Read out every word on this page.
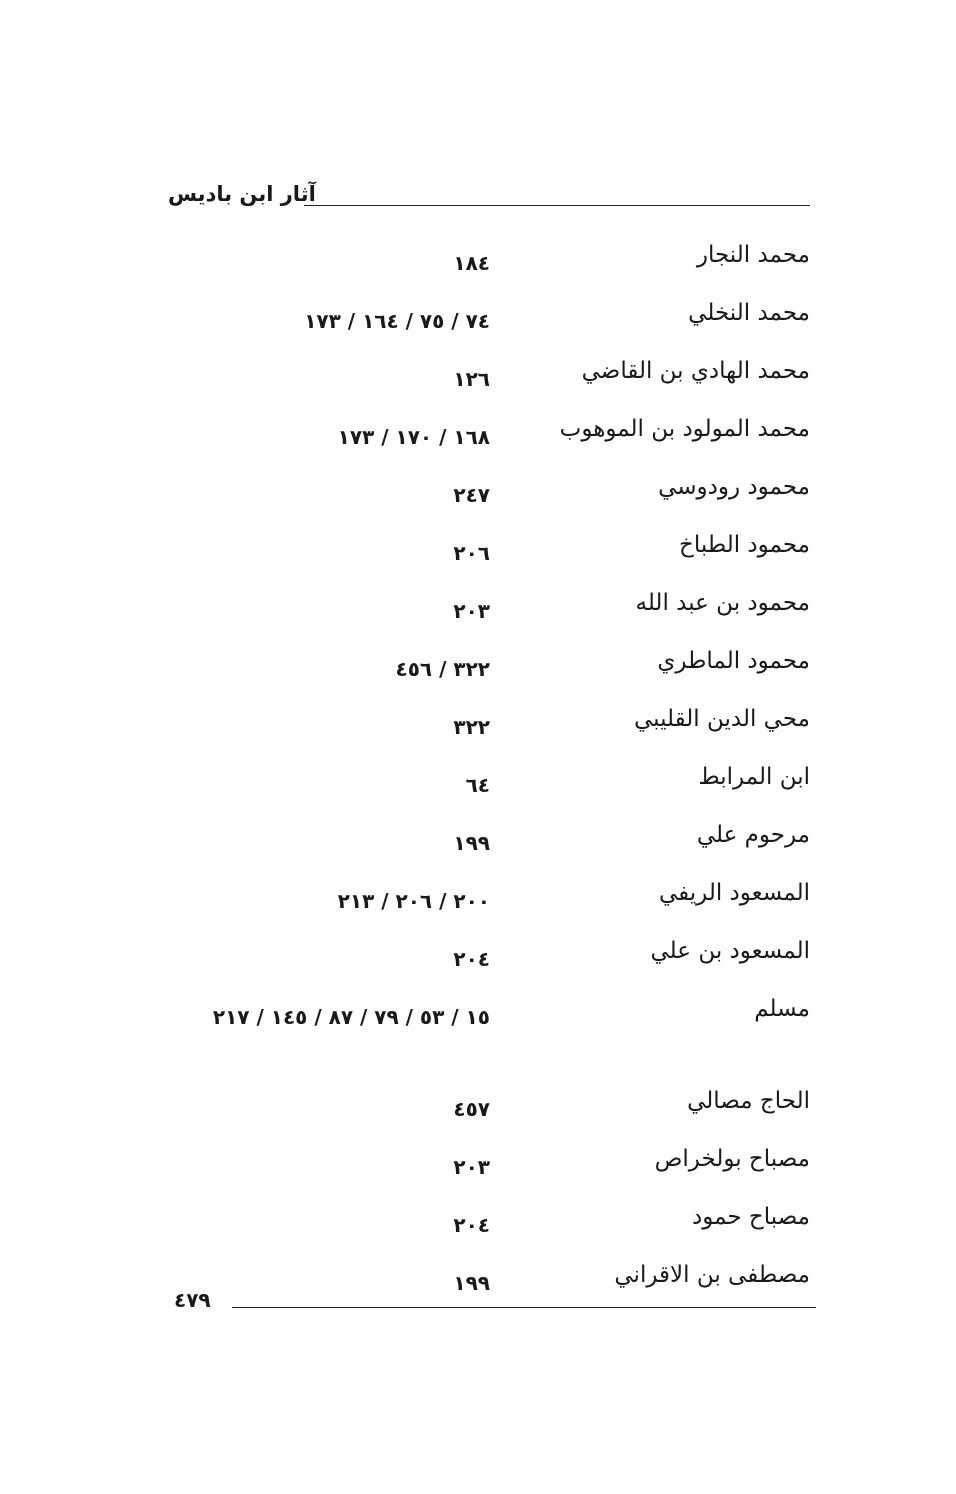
آثار ابن باديس
محمد النجار
١٨٤
محمد النخلي
٧٤ / ٧٥ / ١٦٤ / ١٧٣
محمد الهادي بن القاضي
١٢٦
محمد المولود بن الموهوب
١٦٨ / ١٧٠ / ١٧٣
محمود رودوسي
٢٤٧
محمود الطباخ
٢٠٦
محمود بن عبد الله
٢٠٣
محمود الماطري
٣٢٢ / ٤٥٦
محي الدين القليبي
٣٢٢
ابن المرابط
٦٤
مرحوم علي
١٩٩
المسعود الريفي
٢٠٠ / ٢٠٦ / ٢١٣
المسعود بن علي
٢٠٤
مسلم
١٥ / ٥٣ / ٧٩ / ٨٧ / ١٤٥ / ٢١٧
الحاج مصالي
٤٥٧
مصباح بولخراص
٢٠٣
مصباح حمود
٢٠٤
مصطفى بن الاقراني
١٩٩
٤٧٩
